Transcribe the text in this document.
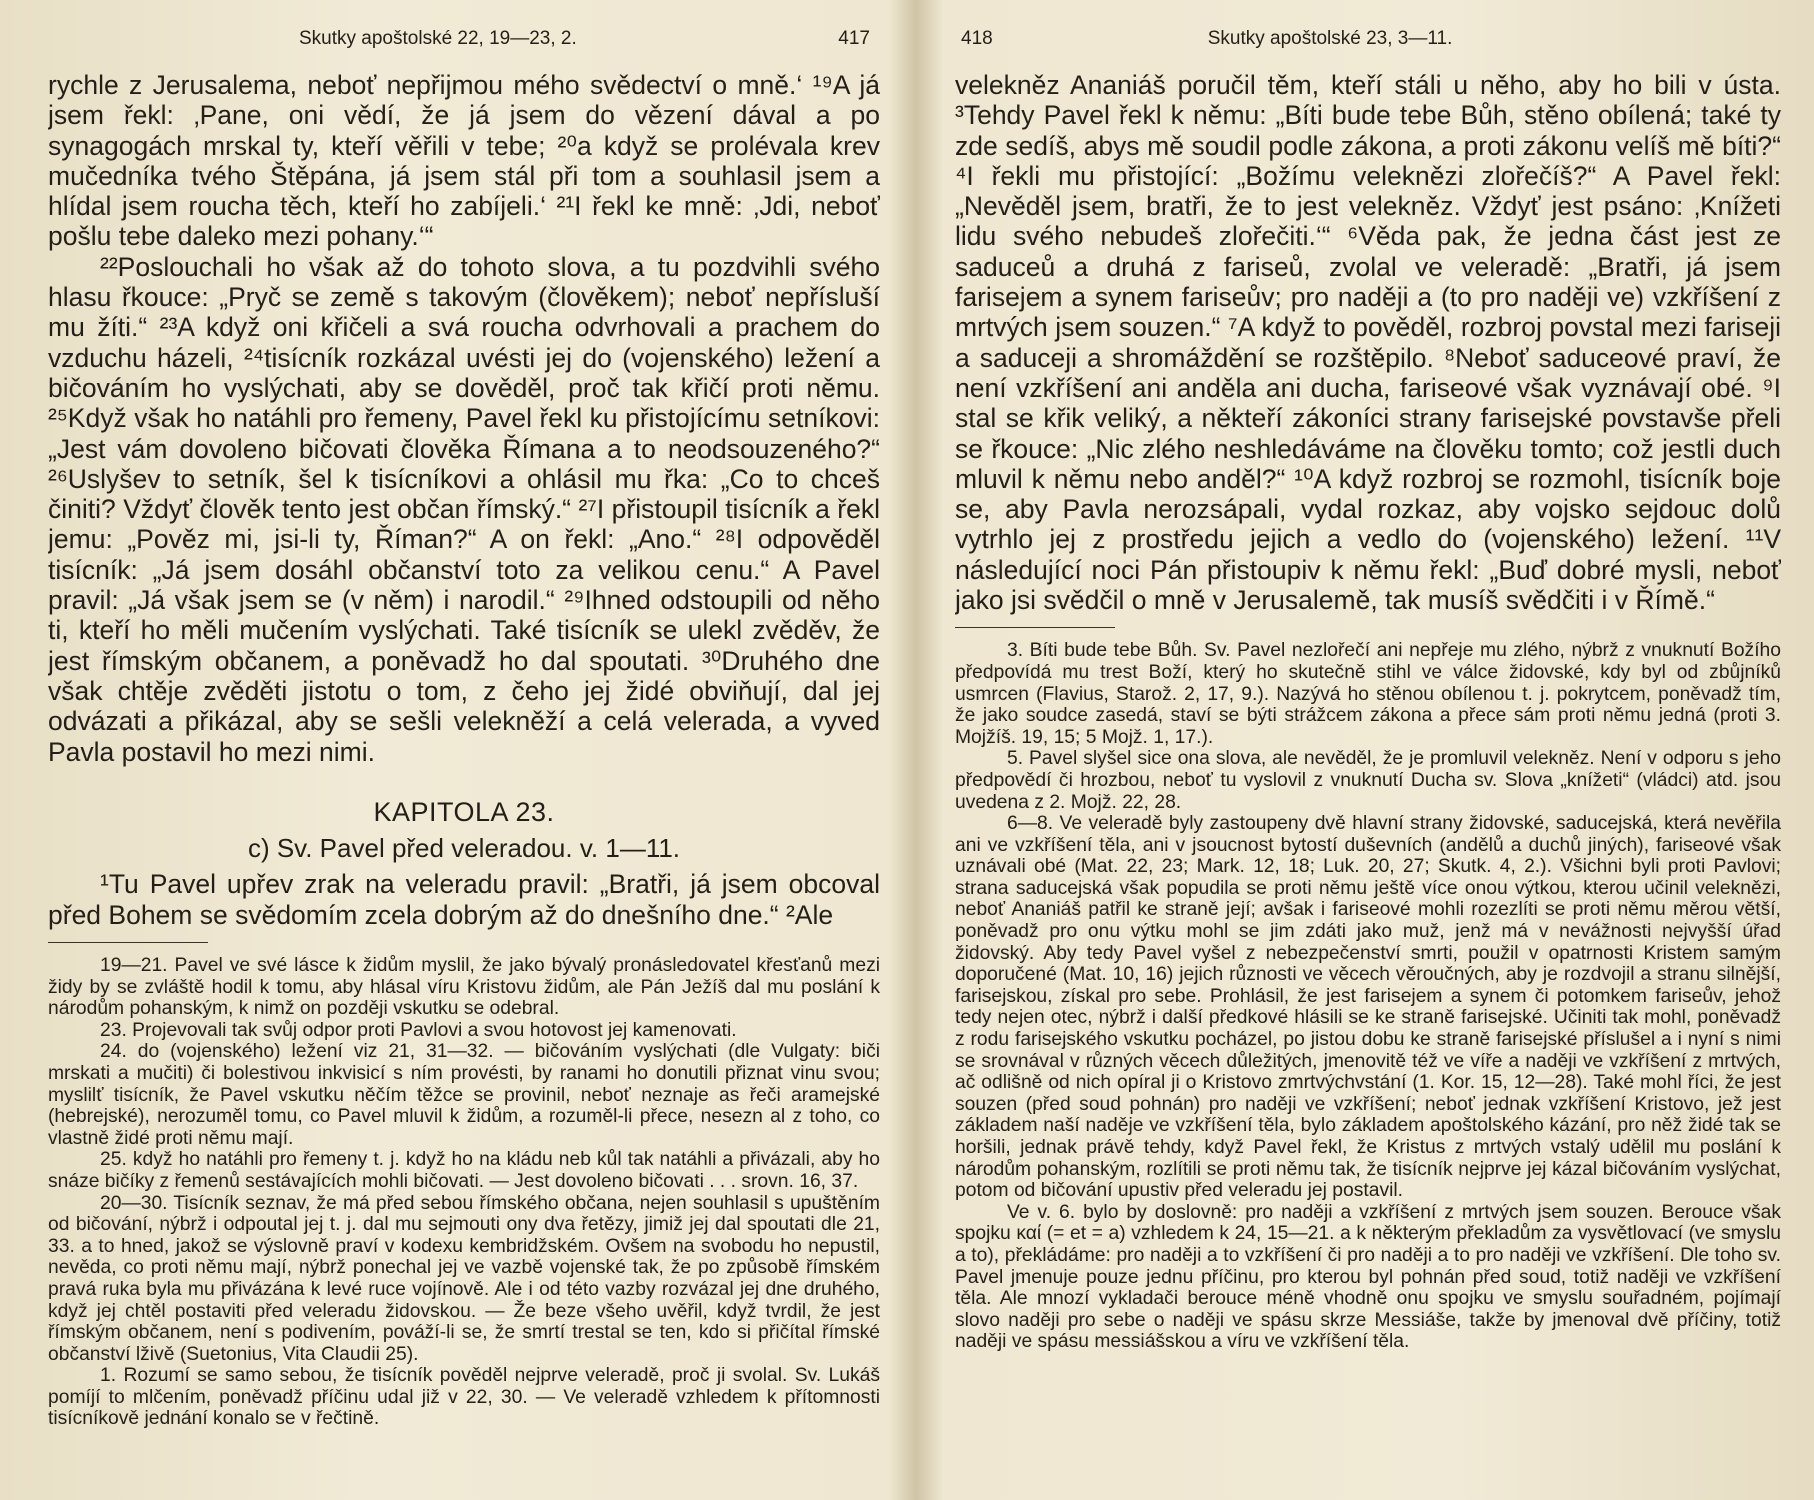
Skutky apoštolské 22, 19—23, 2.	417

rychle z Jerusalema, neboť nepřijmou mého svědectví o mně.‘ ¹⁹A já jsem řekl: ‚Pane, oni vědí, že já jsem do vězení dával a po synagogách mrskal ty, kteří věřili v tebe; ²⁰a když se prolévala krev mučedníka tvého Štěpána, já jsem stál při tom a souhlasil jsem a hlídal jsem roucha těch, kteří ho zabíjeli.‘ ²¹I řekl ke mně: ‚Jdi, neboť pošlu tebe daleko mezi pohany.‘“

²²Poslouchali ho však až do tohoto slova, a tu pozdvihli svého hlasu řkouce: „Pryč se země s takovým (člověkem); neboť nepřísluší mu žíti.“ ²³A když oni křičeli a svá roucha odvrhovali a prachem do vzduchu házeli, ²⁴tisícník rozkázal uvésti jej do (vojenského) ležení a bičováním ho vyslýchati, aby se dověděl, proč tak křičí proti němu. ²⁵Když však ho natáhli pro řemeny, Pavel řekl ku přistojícímu setníkovi: „Jest vám dovoleno bičovati člověka Římana a to neodsouzeného?“ ²⁶Uslyšev to setník, šel k tisícníkovi a ohlásil mu řka: „Co to chceš činiti? Vždyť člověk tento jest občan římský.“ ²⁷I přistoupil tisícník a řekl jemu: „Pověz mi, jsi-li ty, Říman?“ A on řekl: „Ano.“ ²⁸I odpověděl tisícník: „Já jsem dosáhl občanství toto za velikou cenu.“ A Pavel pravil: „Já však jsem se (v něm) i narodil.“ ²⁹Ihned odstoupili od něho ti, kteří ho měli mučením vyslýchati. Také tisícník se ulekl zvěděv, že jest římským občanem, a poněvadž ho dal spoutati. ³⁰Druhého dne však chtěje zvěděti jistotu o tom, z čeho jej židé obviňují, dal jej odvázati a přikázal, aby se sešli velekněží a celá velerada, a vyved Pavla postavil ho mezi nimi.

KAPITOLA 23.
c) Sv. Pavel před veleradou. v. 1—11.

¹Tu Pavel upřev zrak na veleradu pravil: „Bratři, já jsem obcoval před Bohem se svědomím zcela dobrým až do dnešního dne.“ ²Ale

19—21. Pavel ve své lásce k židům myslil, že jako bývalý pronásledovatel křesťanů mezi židy by se zvláště hodil k tomu, aby hlásal víru Kristovu židům, ale Pán Ježíš dal mu poslání k národům pohanským, k nimž on později vskutku se odebral.

23. Projevovali tak svůj odpor proti Pavlovi a svou hotovost jej kamenovati.

24. do (vojenského) ležení viz 21, 31—32. — bičováním vyslýchati (dle Vulgaty: biči mrskati a mučiti) či bolestivou inkvisicí s ním provésti, by ranami ho donutili přiznat vinu svou; myslilť tisícník, že Pavel vskutku něčím těžce se provinil, neboť neznaje as řeči aramejské (hebrejské), nerozuměl tomu, co Pavel mluvil k židům, a rozuměl-li přece, nesezn al z toho, co vlastně židé proti němu mají.

25. když ho natáhli pro řemeny t. j. když ho na kládu neb kůl tak natáhli a přivázali, aby ho snáze bičíky z řemenů sestávajících mohli bičovati. — Jest dovoleno bičovati . . . srovn. 16, 37.

20—30. Tisícník seznav, že má před sebou římského občana, nejen souhlasil s upuštěním od bičování, nýbrž i odpoutal jej t. j. dal mu sejmouti ony dva řetězy, jimiž jej dal spoutati dle 21, 33. a to hned, jakož se výslovně praví v kodexu kembridžském. Ovšem na svobodu ho nepustil, nevěda, co proti němu mají, nýbrž ponechal jej ve vazbě vojenské tak, že po způsobě římském pravá ruka byla mu přivázána k levé ruce vojínově. Ale i od této vazby rozvázal jej dne druhého, když jej chtěl postaviti před veleradu židovskou. — Že beze všeho uvěřil, když tvrdil, že jest římským občanem, není s podivením, pováží-li se, že smrtí trestal se ten, kdo si přičítal římské občanství lživě (Suetonius, Vita Claudii 25).

1. Rozumí se samo sebou, že tisícník pověděl nejprve veleradě, proč ji svolal. Sv. Lukáš pomíjí to mlčením, poněvadž příčinu udal již v 22, 30. — Ve veleradě vzhledem k přítomnosti tisícníkově jednání konalo se v řečtině.

418	Skutky apoštolské 23, 3—11.

velekněz Ananiáš poručil těm, kteří stáli u něho, aby ho bili v ústa. ³Tehdy Pavel řekl k němu: „Bíti bude tebe Bůh, stěno obílená; také ty zde sedíš, abys mě soudil podle zákona, a proti zákonu velíš mě bíti?“ ⁴I řekli mu přistojící: „Božímu veleknězi zlořečíš?“ A Pavel řekl: „Nevěděl jsem, bratři, že to jest velekněz. Vždyť jest psáno: ‚Knížeti lidu svého nebudeš zlořečiti.‘“ ⁶Věda pak, že jedna část jest ze saduceů a druhá z fariseů, zvolal ve veleradě: „Bratři, já jsem farisejem a synem fariseův; pro naději a (to pro naději ve) vzkříšení z mrtvých jsem souzen.“ ⁷A když to pověděl, rozbroj povstal mezi fariseji a saduceji a shromáždění se rozštěpilo. ⁸Neboť saduceové praví, že není vzkříšení ani anděla ani ducha, fariseové však vyznávají obé. ⁹I stal se křik veliký, a někteří zákoníci strany farisejské povstavše přeli se řkouce: „Nic zlého neshledáváme na člověku tomto; což jestli duch mluvil k němu nebo anděl?“ ¹⁰A když rozbroj se rozmohl, tisícník boje se, aby Pavla nerozsápali, vydal rozkaz, aby vojsko sejdouc dolů vytrhlo jej z prostředu jejich a vedlo do (vojenského) ležení. ¹¹V následující noci Pán přistoupiv k němu řekl: „Buď dobré mysli, neboť jako jsi svědčil o mně v Jerusalemě, tak musíš svědčiti i v Římě.“

3. Bíti bude tebe Bůh. Sv. Pavel nezlořečí ani nepřeje mu zlého, nýbrž z vnuknutí Božího předpovídá mu trest Boží, který ho skutečně stihl ve válce židovské, kdy byl od zbůjníků usmrcen (Flavius, Starož. 2, 17, 9.). Nazývá ho stěnou obílenou t. j. pokrytcem, poněvadž tím, že jako soudce zasedá, staví se býti strážcem zákona a přece sám proti němu jedná (proti 3. Mojžíš. 19, 15; 5 Mojž. 1, 17.).

5. Pavel slyšel sice ona slova, ale nevěděl, že je promluvil velekněz. Není v odporu s jeho předpovědí či hrozbou, neboť tu vyslovil z vnuknutí Ducha sv. Slova „knížeti“ (vládci) atd. jsou uvedena z 2. Mojž. 22, 28.

6—8. Ve veleradě byly zastoupeny dvě hlavní strany židovské, saducejská, která nevěřila ani ve vzkříšení těla, ani v jsoucnost bytostí duševních (andělů a duchů jiných), fariseové však uznávali obé (Mat. 22, 23; Mark. 12, 18; Luk. 20, 27; Skutk. 4, 2.). Všichni byli proti Pavlovi; strana saducejská však popudila se proti němu ještě více onou výtkou, kterou učinil veleknězi, neboť Ananiáš patřil ke straně její; avšak i fariseové mohli rozezlíti se proti němu měrou větší, poněvadž pro onu výtku mohl se jim zdáti jako muž, jenž má v nevážnosti nejvyšší úřad židovský. Aby tedy Pavel vyšel z nebezpečenství smrti, použil v opatrnosti Kristem samým doporučené (Mat. 10, 16) jejich různosti ve věcech věroučných, aby je rozdvojil a stranu silnější, farisejskou, získal pro sebe. Prohlásil, že jest farisejem a synem či potomkem fariseův, jehož tedy nejen otec, nýbrž i další předkové hlásili se ke straně farisejské. Učiniti tak mohl, poněvadž z rodu farisejského vskutku pocházel, po jistou dobu ke straně farisejské příslušel a i nyní s nimi se srovnával v různých věcech důležitých, jmenovitě též ve víře a naději ve vzkříšení z mrtvých, ač odlišně od nich opíral ji o Kristovo zmrtvýchvstání (1. Kor. 15, 12—28). Také mohl říci, že jest souzen (před soud pohnán) pro naději ve vzkříšení; neboť jednak vzkříšení Kristovo, jež jest základem naší naděje ve vzkříšení těla, bylo základem apoštolského kázání, pro něž židé tak se horšili, jednak právě tehdy, když Pavel řekl, že Kristus z mrtvých vstalý udělil mu poslání k národům pohanským, rozlítili se proti němu tak, že tisícník nejprve jej kázal bičováním vyslýchat, potom od bičování upustiv před veleradu jej postavil.

Ve v. 6. bylo by doslovně: pro naději a vzkříšení z mrtvých jsem souzen. Berouce však spojku καί (= et = a) vzhledem k 24, 15—21. a k některým překladům za vysvětlovací (ve smyslu a to), překládáme: pro naději a to vzkříšení či pro naději a to pro naději ve vzkříšení. Dle toho sv. Pavel jmenuje pouze jednu příčinu, pro kterou byl pohnán před soud, totiž naději ve vzkříšení těla. Ale mnozí vykladači berouce méně vhodně onu spojku ve smyslu souřadném, pojímají slovo naději pro sebe o naději ve spásu skrze Messiáše, takže by jmenoval dvě příčiny, totiž naději ve spásu messiášskou a víru ve vzkříšení těla.
